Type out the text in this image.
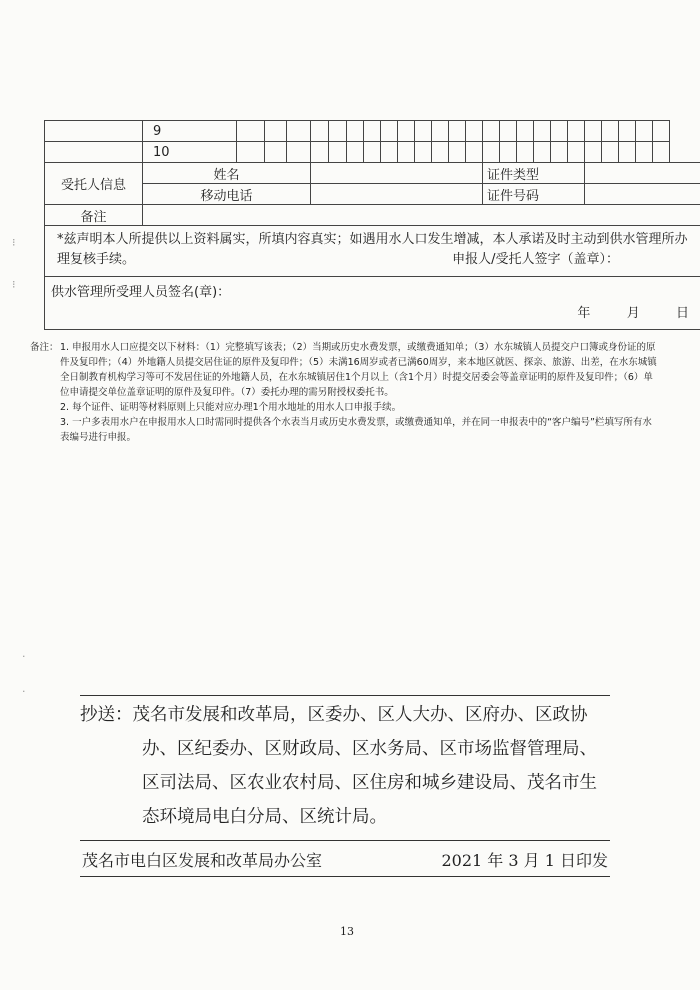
	9																								
	10																								
受托人信息	姓名														证件类型										
	移动电话														证件号码										
备注																									
*兹声明本人所提供以上资料属实，所填内容真实；如遇用水人口发生增减，本人承诺及时主动到供水管理所办理复核手续。 申报人/受托人签字（盖章）：																									

供水管理所受理人员签名(章)：
年 月 日																									
备注： 1. 申报用水人口应提交以下材料：（1）完整填写该表；（2）当期或历史水费发票，或缴费通知单；（3）水东城镇人员提交户口簿或身份证的原件及复印件；（4）外地籍人员提交居住证的原件及复印件；（5）未满16周岁或者已满60周岁，来本地区就医、探亲、旅游、出差，在水东城镇全日制教育机构学习等可不发居住证的外地籍人员，在水东城镇居住1个月以上（含1个月）时提交居委会等盖章证明的原件及复印件；（6）单位申请提交单位盖章证明的原件及复印件。（7）委托办理的需另附授权委托书。

2. 每个证件、证明等材料原则上只能对应办理1个用水地址的用水人口申报手续。

3. 一户多表用水户在申报用水人口时需同时提供各个水表当月或历史水费发票，或缴费通知单，并在同一申报表中的“客户编号”栏填写所有水表编号进行申报。

抄送：茂名市发展和改革局，区委办、区人大办、区府办、区政协
办、区纪委办、区财政局、区水务局、区市场监督管理局、
区司法局、区农业农村局、区住房和城乡建设局、茂名市生
态环境局电白分局、区统计局。
茂名市电白区发展和改革局办公室	2021 年 3 月 1 日印发
13
⁝
⁝
·
·
